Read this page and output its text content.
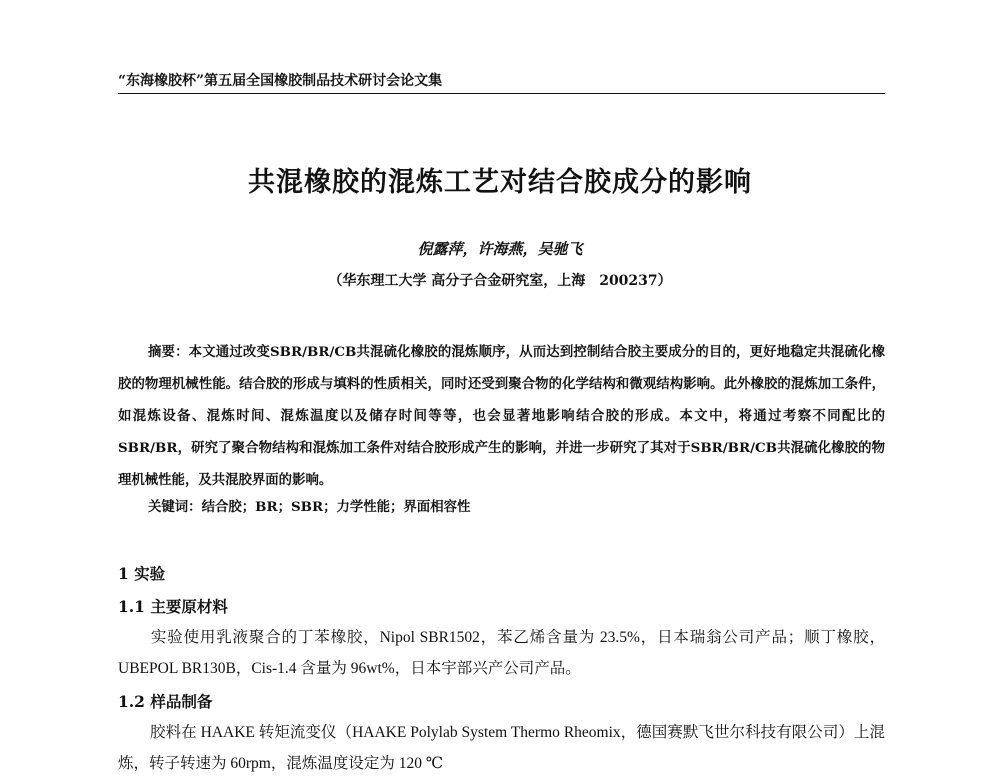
“东海橡胶杯”第五届全国橡胶制品技术研讨会论文集
共混橡胶的混炼工艺对结合胶成分的影响
倪露萍，许海燕，吴驰飞
（华东理工大学 高分子合金研究室，上海　200237）
摘要：本文通过改变SBR/BR/CB共混硫化橡胶的混炼顺序，从而达到控制结合胶主要成分的目的，更好地稳定共混硫化橡胶的物理机械性能。结合胶的形成与填料的性质相关，同时还受到聚合物的化学结构和微观结构影响。此外橡胶的混炼加工条件，如混炼设备、混炼时间、混炼温度以及储存时间等等，也会显著地影响结合胶的形成。本文中，将通过考察不同配比的SBR/BR，研究了聚合物结构和混炼加工条件对结合胶形成产生的影响，并进一步研究了其对于SBR/BR/CB共混硫化橡胶的物理机械性能，及共混胶界面的影响。
关键词：结合胶；BR；SBR；力学性能；界面相容性
1 实验
1.1 主要原材料
实验使用乳液聚合的丁苯橡胶，Nipol SBR1502，苯乙烯含量为 23.5%，日本瑞翁公司产品；顺丁橡胶，UBEPOL BR130B，Cis-1.4 含量为 96wt%，日本宇部兴产公司产品。
1.2 样品制备
胶料在 HAAKE 转矩流变仪（HAAKE Polylab System Thermo Rheomix，德国赛默飞世尔科技有限公司）上混炼，转子转速为 60rpm，混炼温度设定为 120 ℃
